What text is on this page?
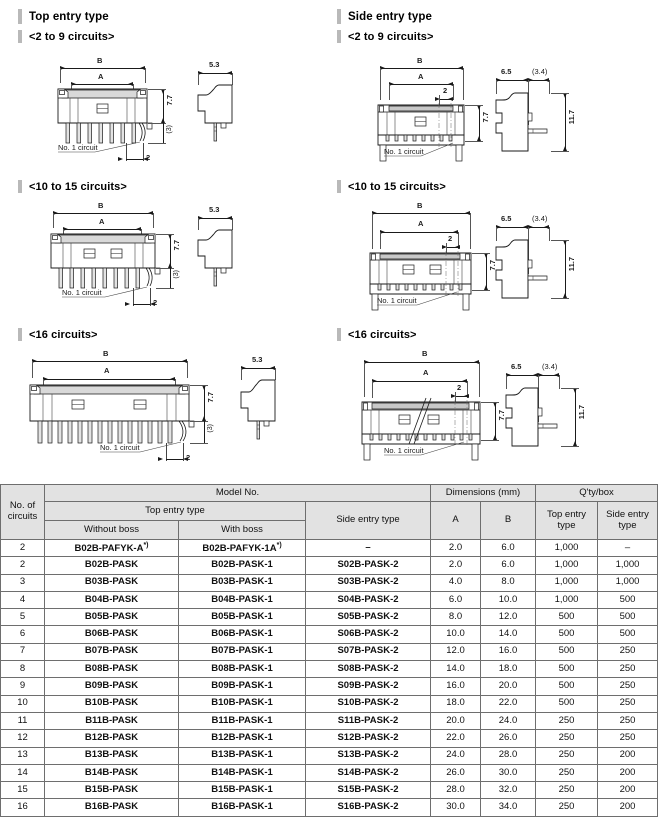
Top entry type
<2 to 9 circuits>
B
A
7.7
(3)
No. 1 circuit
2
5.3
<10 to 15 circuits>
B
A
7.7
(3)
No. 1 circuit
2
5.3
<16 circuits>
B
A
7.7
(3)
No. 1 circuit
2
5.3
Side entry type
<2 to 9 circuits>
B
A
2
7.7
No. 1 circuit
6.5	(3.4)
11.7
<10 to 15 circuits>
B
A
2
7.7
No. 1 circuit
6.5	(3.4)
11.7
<16 circuits>
B
A
2
7.7
No. 1 circuit
6.5	(3.4)
11.7
No. of
circuits	Model No.			Dimensions (mm)		Q'ty/box	
Top entry type	Side entry type	A	B	Top entry
type

Side entry
type

	Without boss	With boss					
2	B02B-PAFYK-A*)	B02B-PAFYK-1A*)	–	2.0	6.0	1,000	–
2	B02B-PASK	B02B-PASK-1	S02B-PASK-2	2.0	6.0	1,000	1,000
3	B03B-PASK	B03B-PASK-1	S03B-PASK-2	4.0	8.0	1,000	1,000
4	B04B-PASK	B04B-PASK-1	S04B-PASK-2	6.0	10.0	1,000	500
5	B05B-PASK	B05B-PASK-1	S05B-PASK-2	8.0	12.0	500	500
6	B06B-PASK	B06B-PASK-1	S06B-PASK-2	10.0	14.0	500	500
7	B07B-PASK	B07B-PASK-1	S07B-PASK-2	12.0	16.0	500	250
8	B08B-PASK	B08B-PASK-1	S08B-PASK-2	14.0	18.0	500	250
9	B09B-PASK	B09B-PASK-1	S09B-PASK-2	16.0	20.0	500	250
10	B10B-PASK	B10B-PASK-1	S10B-PASK-2	18.0	22.0	500	250
11	B11B-PASK	B11B-PASK-1	S11B-PASK-2	20.0	24.0	250	250
12	B12B-PASK	B12B-PASK-1	S12B-PASK-2	22.0	26.0	250	250
13	B13B-PASK	B13B-PASK-1	S13B-PASK-2	24.0	28.0	250	200
14	B14B-PASK	B14B-PASK-1	S14B-PASK-2	26.0	30.0	250	200
15	B15B-PASK	B15B-PASK-1	S15B-PASK-2	28.0	32.0	250	200
16	B16B-PASK	B16B-PASK-1	S16B-PASK-2	30.0	34.0	250	200
